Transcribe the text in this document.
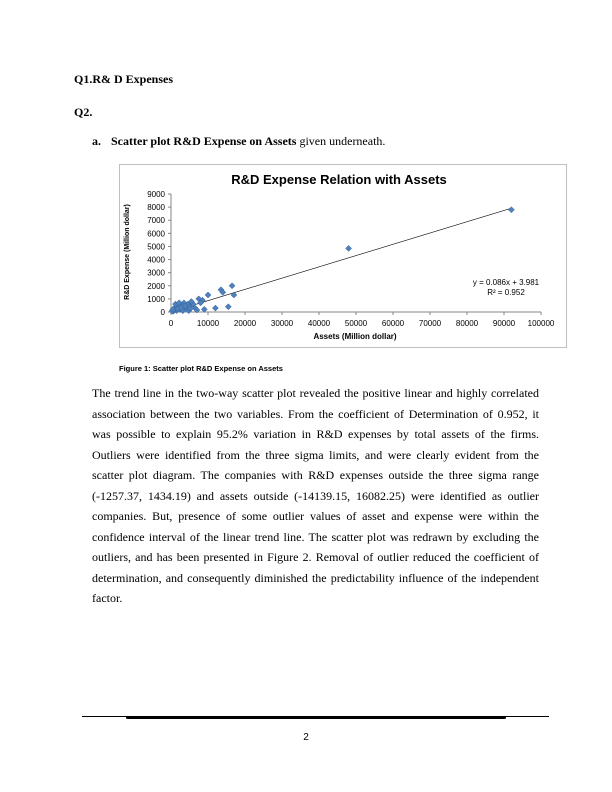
Q1.R& D Expenses
Q2.
a. Scatter plot R&D Expense on Assets given underneath.
R&D Expense Relation with Assets
0
1000
2000
3000
4000
5000
6000
7000
8000
9000
0	10000 20000 30000 40000 50000 60000 70000 80000 90000 100000
y = 0.086x + 3.981
R² = 0.952
Assets (Million dollar)
R&D Expense (Million dollar)
Figure 1: Scatter plot R&D Expense on Assets

The trend line in the two-way scatter plot revealed the positive linear and highly correlated association between the two variables. From the coefficient of Determination of 0.952, it was possible to explain 95.2% variation in R&D expenses by total assets of the firms. Outliers were identified from the three sigma limits, and were clearly evident from the scatter plot diagram. The companies with R&D expenses outside the three sigma range (-1257.37, 1434.19) and assets outside (-14139.15, 16082.25) were identified as outlier companies. But, presence of some outlier values of asset and expense were within the confidence interval of the linear trend line. The scatter plot was redrawn by excluding the outliers, and has been presented in Figure 2. Removal of outlier reduced the coefficient of determination, and consequently diminished the predictability influence of the independent factor.

2
